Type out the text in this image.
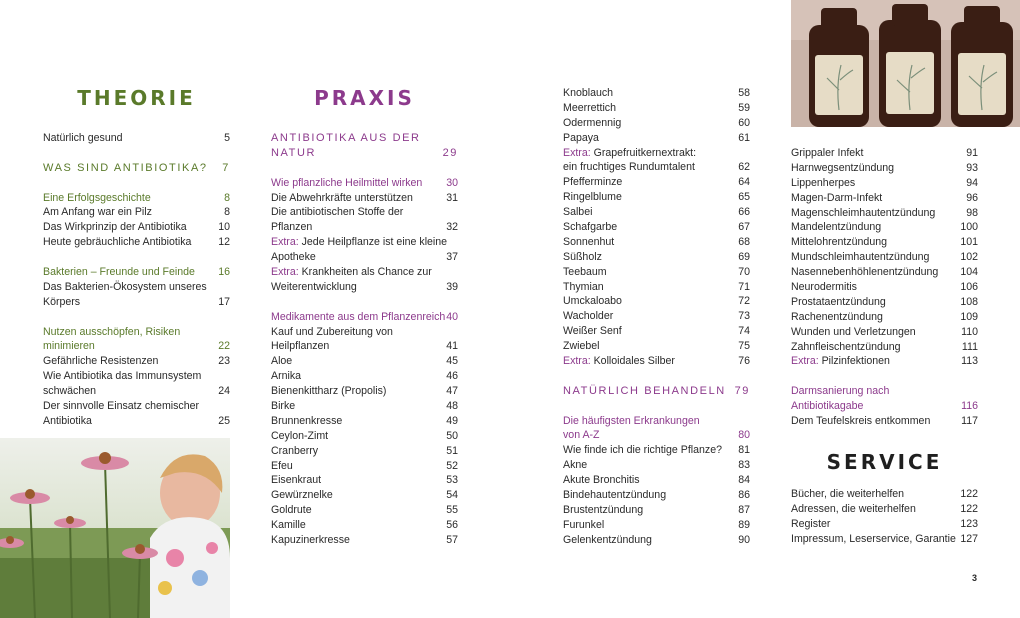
THEORIE	PRAXIS
SERVICE
Natürlich gesund	5
WAS SIND ANTIBIOTIKA? 7
Eine Erfolgsgeschichte	8
Am Anfang war ein Pilz	8
Das Wirkprinzip der Antibiotika	10
Heute gebräuchliche Antibiotika	12
Bakterien – Freunde und Feinde 16
Das Bakterien-Ökosystem unseres
Körpers	17
Nutzen ausschöpfen, Risiken
minimieren	22
Gefährliche Resistenzen	23
Wie Antibiotika das Immunsystem
schwächen	24
Der sinnvolle Einsatz chemischer
Antibiotika	25
ANTIBIOTIKA AUS DER
NATUR	29
Wie pflanzliche Heilmittel wirken 30
Die Abwehrkräfte unterstützen	31
Die antibiotischen Stoffe der
Pflanzen	32
Extra: Jede Heilpflanze ist eine kleine
Apotheke	37
Extra: Krankheiten als Chance zur
Weiterentwicklung	39
Medikamente aus dem Pflanzenreich 40
Kauf und Zubereitung von
Heilpflanzen	41
Aloe	45
Arnika	46
Bienenkittharz (Propolis)	47
Birke	48
Brunnenkresse	49
Ceylon-Zimt	50
Cranberry	51
Efeu	52
Eisenkraut	53
Gewürznelke	54
Goldrute	55
Kamille	56
Kapuzinerkresse	57
Knoblauch	58
Meerrettich	59
Odermennig	60
Papaya	61
Extra: Grapefruitkernextrakt:
ein fruchtiges Rundumtalent	62
Pfefferminze	64
Ringelblume	65
Salbei	66
Schafgarbe	67
Sonnenhut	68
Süßholz	69
Teebaum	70
Thymian	71
Umckaloabo	72
Wacholder	73
Weißer Senf	74
Zwiebel	75
Extra: Kolloidales Silber	76
NATÜRLICH BEHANDELN 79
Die häufigsten Erkrankungen
von A-Z	80
Wie finde ich die richtige Pflanze? 81
Akne	83
Akute Bronchitis	84
Bindehautentzündung	86
Brustentzündung	87
Furunkel	89
Gelenkentzündung	90
Grippaler Infekt	91
Harnwegsentzündung	93
Lippenherpes	94
Magen-Darm-Infekt	96
Magenschleimhautentzündung	98
Mandelentzündung	100
Mittelohrentzündung	101
Mundschleimhautentzündung	102
Nasennebenhöhlenentzündung 104
Neurodermitis	106
Prostataentzündung	108
Rachenentzündung	109
Wunden und Verletzungen	110
Zahnfleischentzündung	111
Extra: Pilzinfektionen	113
Darmsanierung nach
Antibiotikagabe	116
Dem Teufelskreis entkommen	117
Bücher, die weiterhelfen	122
Adressen, die weiterhelfen	122
Register	123
Impressum, Leserservice, Garantie 127
3
